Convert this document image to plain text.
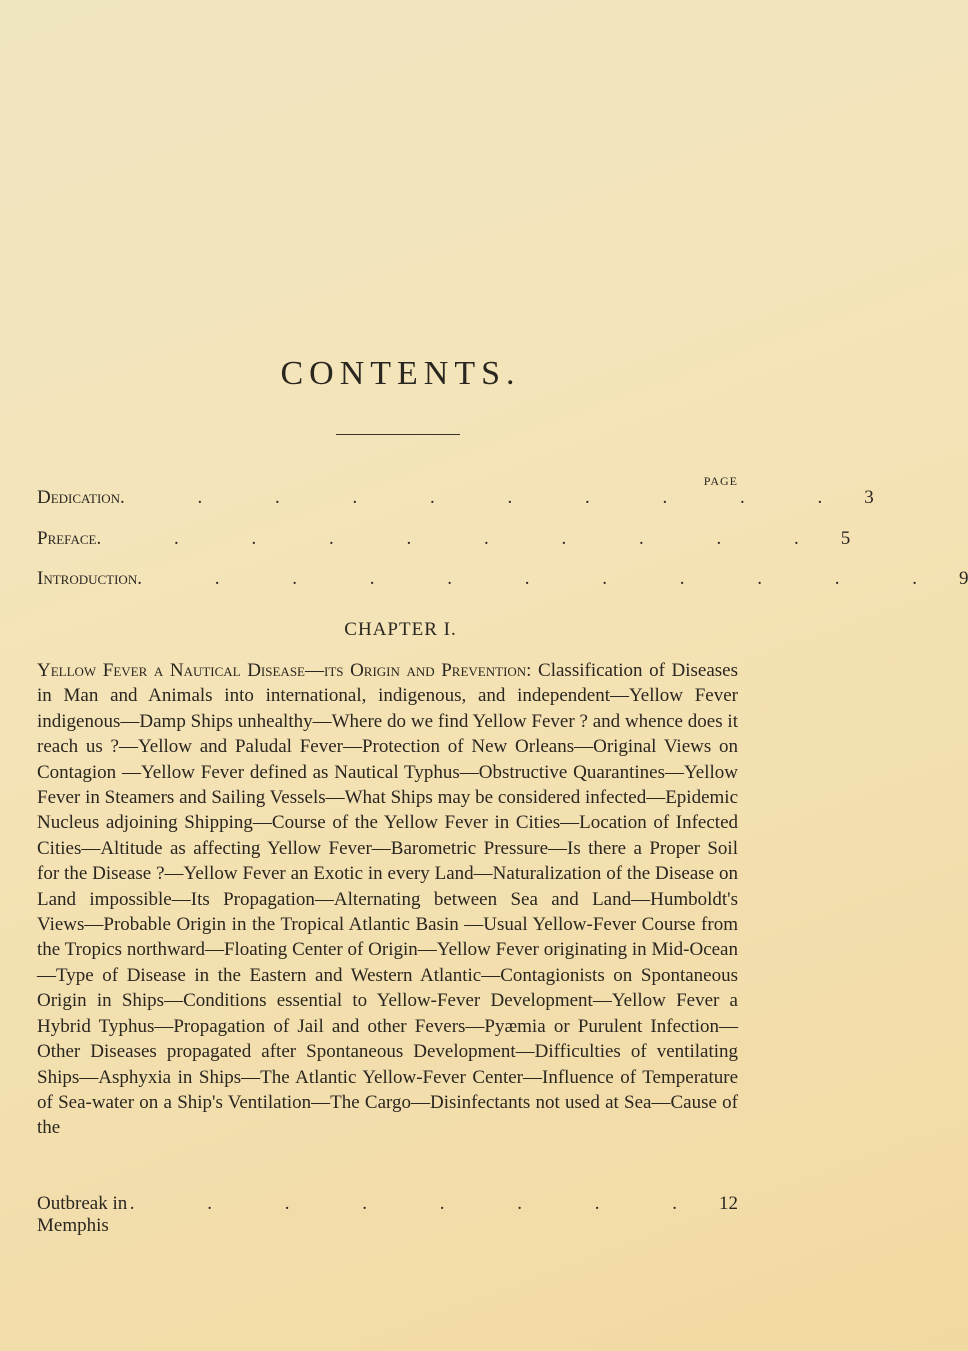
CONTENTS.
PAGE
Dedication . . . . . . . . . . 3
Preface . . . . . . . . . . 5
Introduction . . . . . . . . . . . 9
CHAPTER I.
Yellow Fever a Nautical Disease—its Origin and Prevention: Classification of Diseases in Man and Animals into international, indigenous, and independent—Yellow Fever indigenous—Damp Ships unhealthy—Where do we find Yellow Fever ? and whence does it reach us ?—Yellow and Paludal Fever—Protection of New Orleans—Original Views on Contagion —Yellow Fever defined as Nautical Typhus—Obstructive Quarantines—Yellow Fever in Steamers and Sailing Vessels—What Ships may be considered infected—Epidemic Nucleus adjoining Shipping—Course of the Yellow Fever in Cities—Location of Infected Cities—Altitude as affecting Yellow Fever—Barometric Pressure—Is there a Proper Soil for the Disease ?—Yellow Fever an Exotic in every Land—Naturalization of the Disease on Land impossible—Its Propagation—Alternating between Sea and Land—Humboldt's Views—Probable Origin in the Tropical Atlantic Basin —Usual Yellow-Fever Course from the Tropics northward—Floating Center of Origin—Yellow Fever originating in Mid-Ocean—Type of Disease in the Eastern and Western Atlantic—Contagionists on Spontaneous Origin in Ships—Conditions essential to Yellow-Fever Development—Yellow Fever a Hybrid Typhus—Propagation of Jail and other Fevers—Pyæmia or Purulent Infection—Other Diseases propagated after Spontaneous Development—Difficulties of ventilating Ships—Asphyxia in Ships—The Atlantic Yellow-Fever Center—Influence of Temperature of Sea-water on a Ship's Ventilation—The Cargo—Disinfectants not used at Sea—Cause of the
Outbreak in Memphis
. . . . . . . . 12
